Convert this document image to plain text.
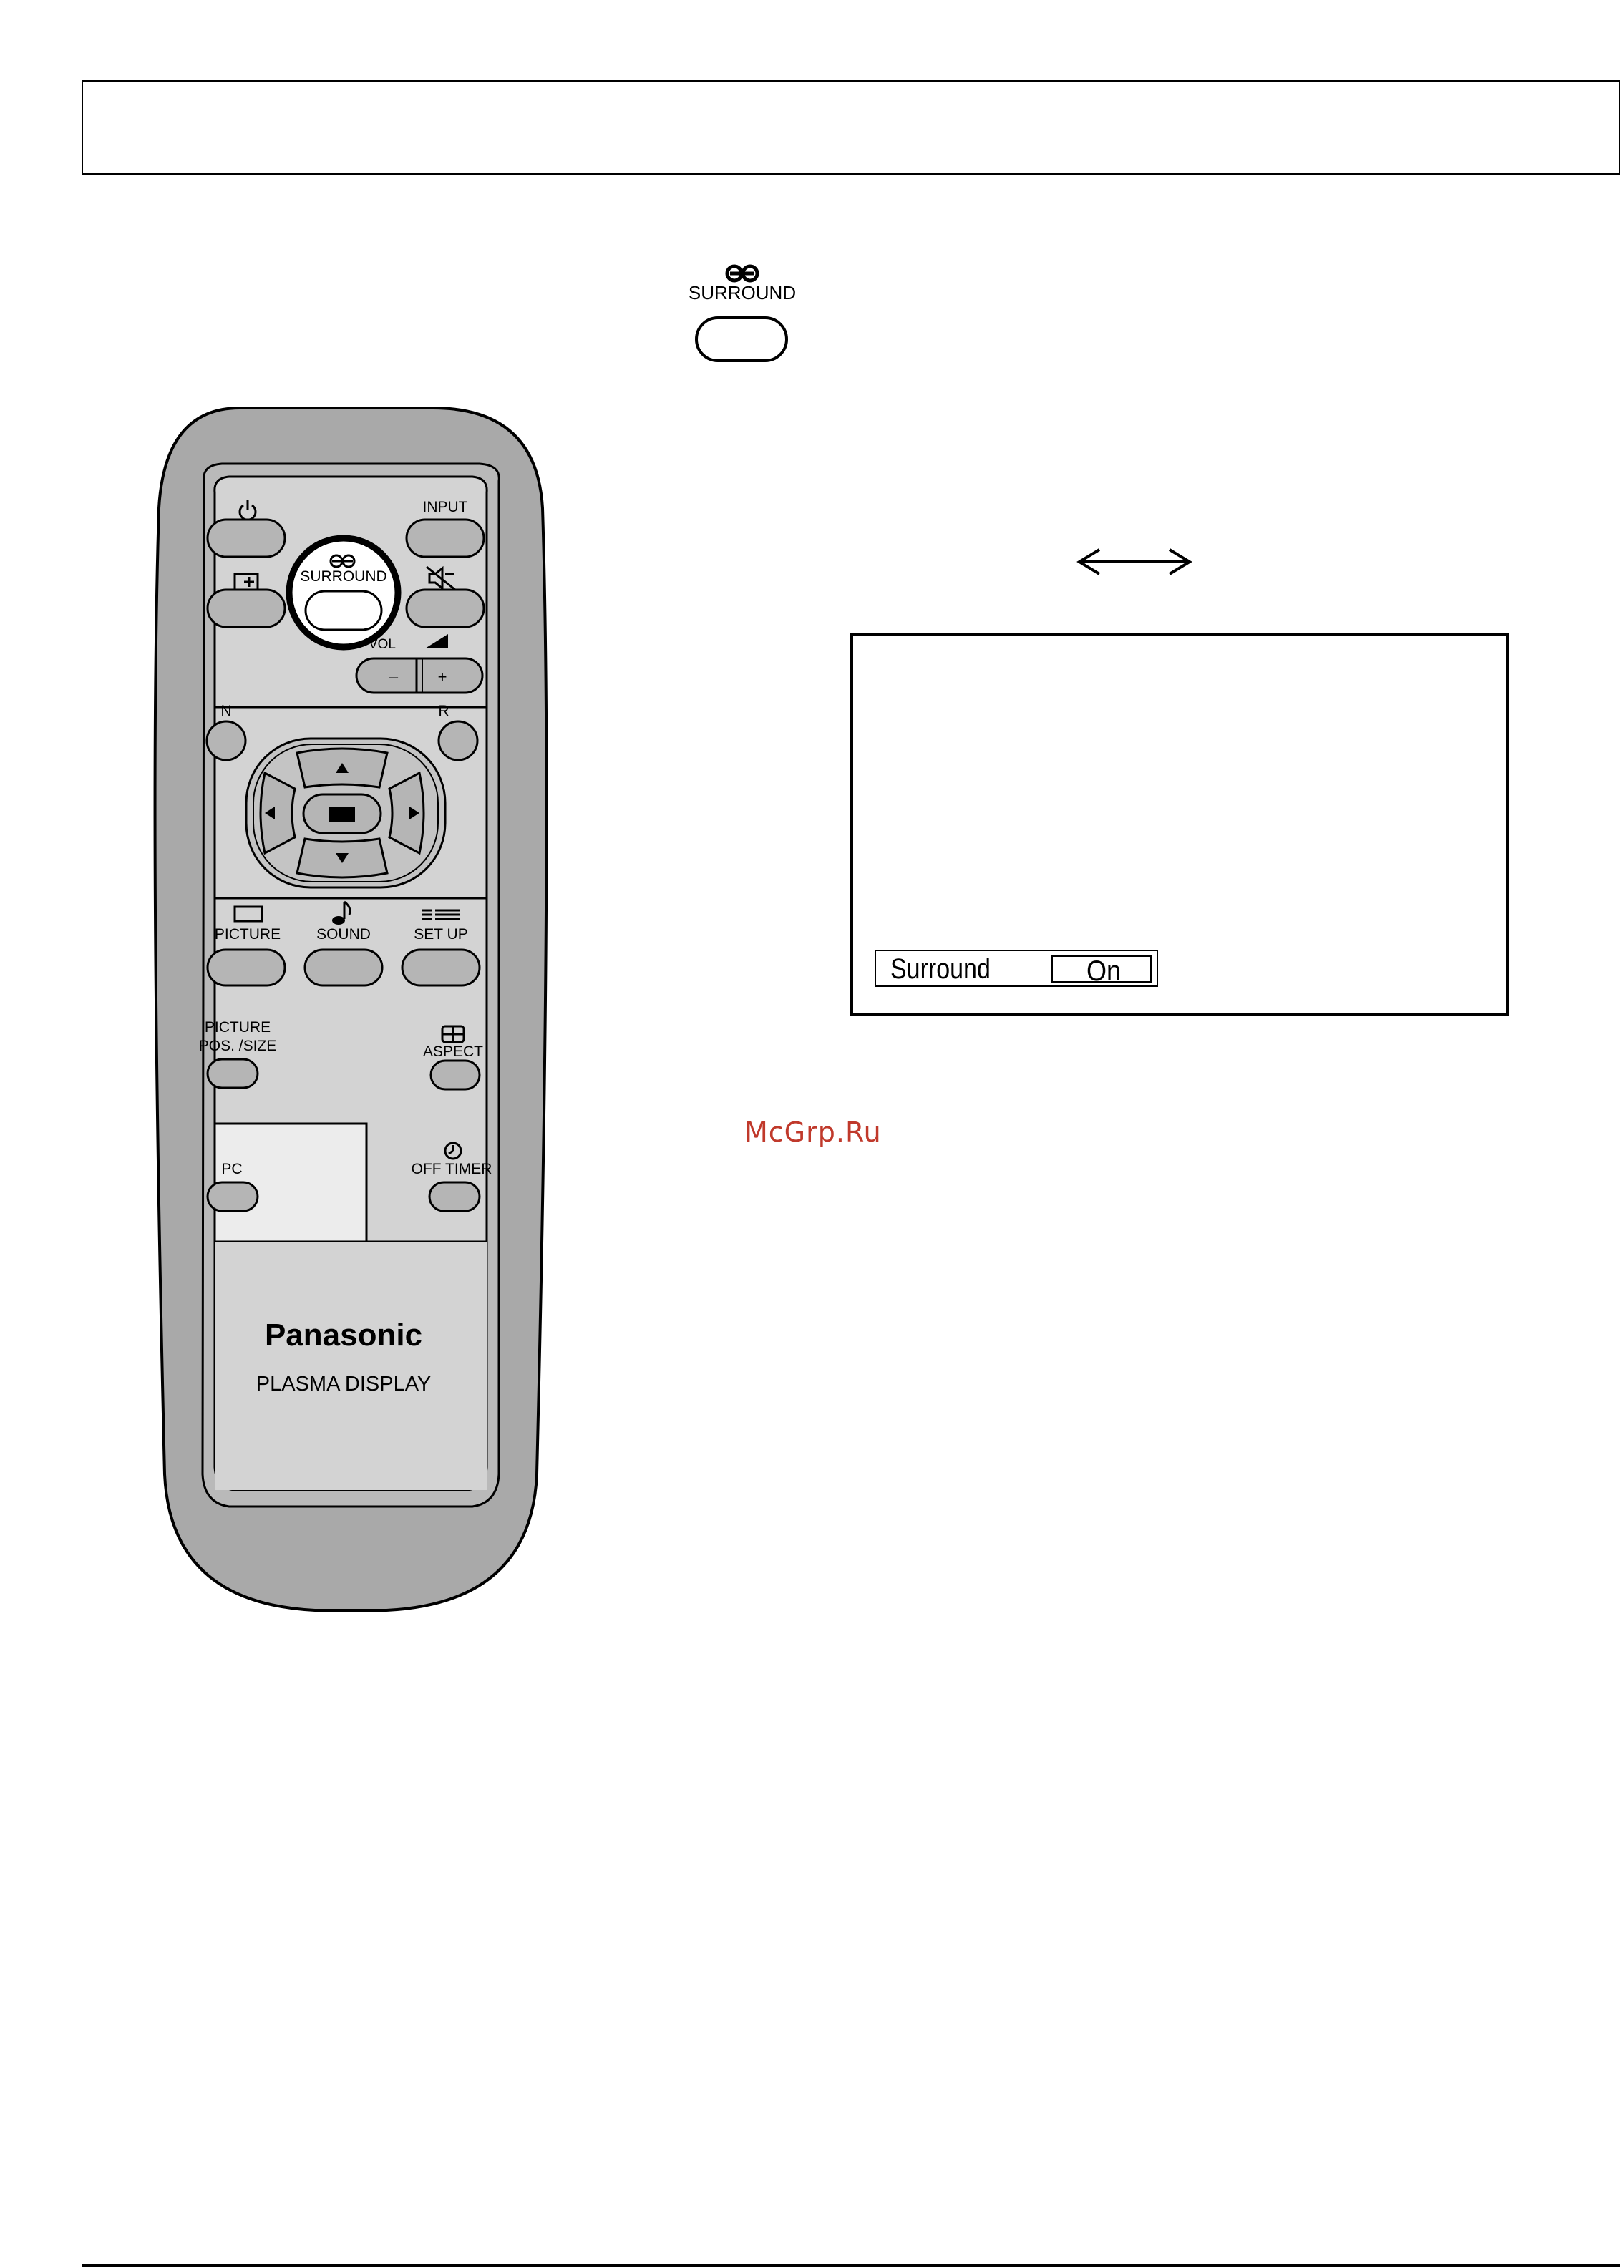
SURROUND
Surround	On
McGrp.Ru
INPUT
SURROUND
VOL
–	+
N	R
PICTURE SOUND	SET UP
PICTURE
POS. /SIZE	ASPECT
PC	OFF TIMER
Panasonic
PLASMA DISPLAY
